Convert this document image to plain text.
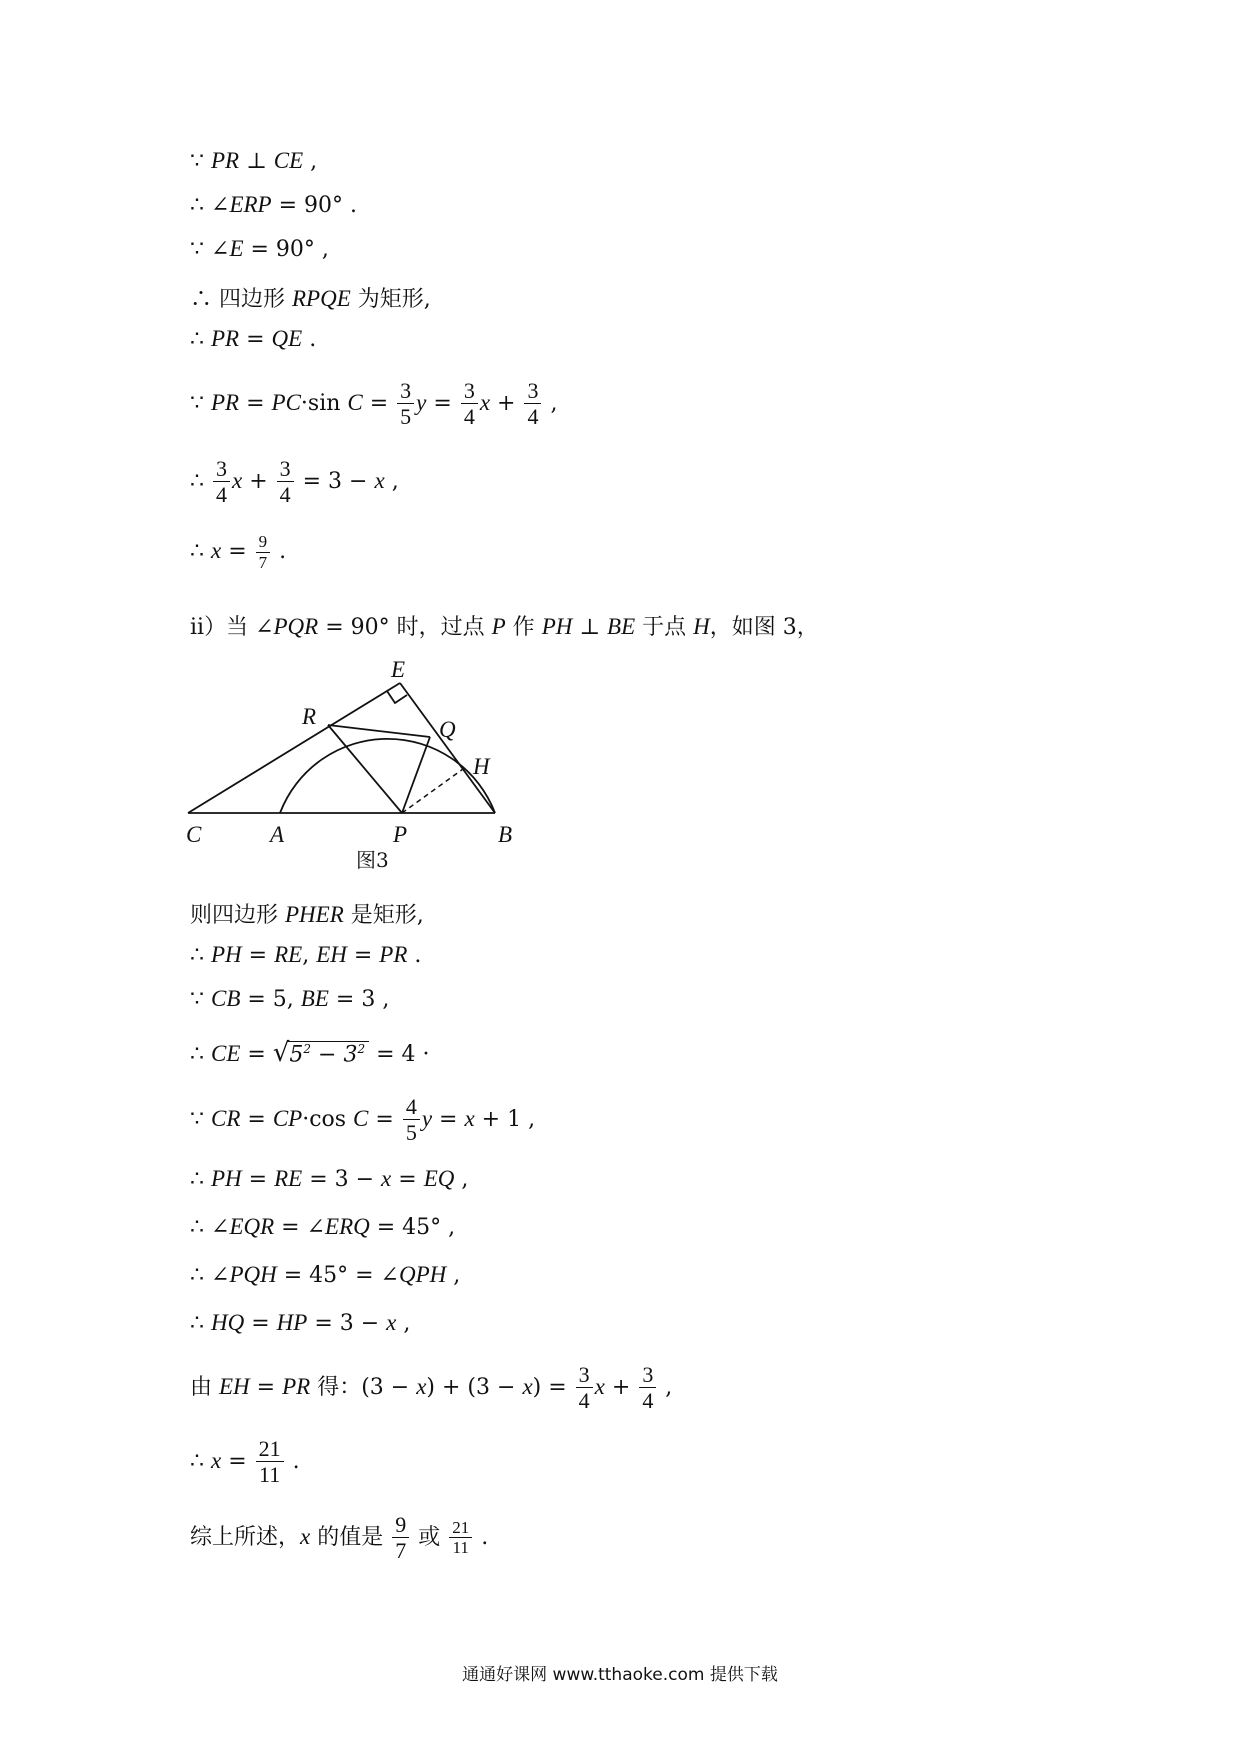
∵ PR ⊥ CE ,
∴ ∠ERP = 90° .
∵ ∠E = 90° ,
∴ 四边形 RPQE 为矩形,
∴ PR = QE .
∵ PR = PC·sin $C = \frac{3}{5}$ $y = \frac{3}{4}$ $x + \frac{3}{4}$ ,
∴ $\frac{3}{4}$ $x + \frac{3}{4} = 3 - x$ ,
∴ $x = \frac{9}{7}$ .
ii）当 ∠PQR = 90° 时，过点 P 作 PH ⊥ BE 于点 H，如图 3，
E
R
Q
H
C	A	P	B
图3
则四边形 PHER 是矩形,
∴ PH = RE, EH = PR .
∵ CB = 5, BE = 3 ,
∴ CE = $√5^2 - 3^2 = 4$ ·
∵ CR = CP·cos $C = \frac{4}{5}$ y = x + 1 ,
∴ PH = RE = 3 − x = EQ ,
∴ ∠EQR = ∠ERQ = 45° ,
∴ ∠PQH = 45° = ∠QPH ,
∴ HQ = HP = 3 − x ,
由 EH = PR 得：$(3 - x) + (3 - x) = \frac{3}{4}$ $x + \frac{3}{4}$ ,
∴ $x = \frac{21}{11}$ .
综上所述，x 的值是 $\frac{9}{7}$ 或 $\frac{21}{11}$ .
通通好课网 www.tthaoke.com 提供下载
